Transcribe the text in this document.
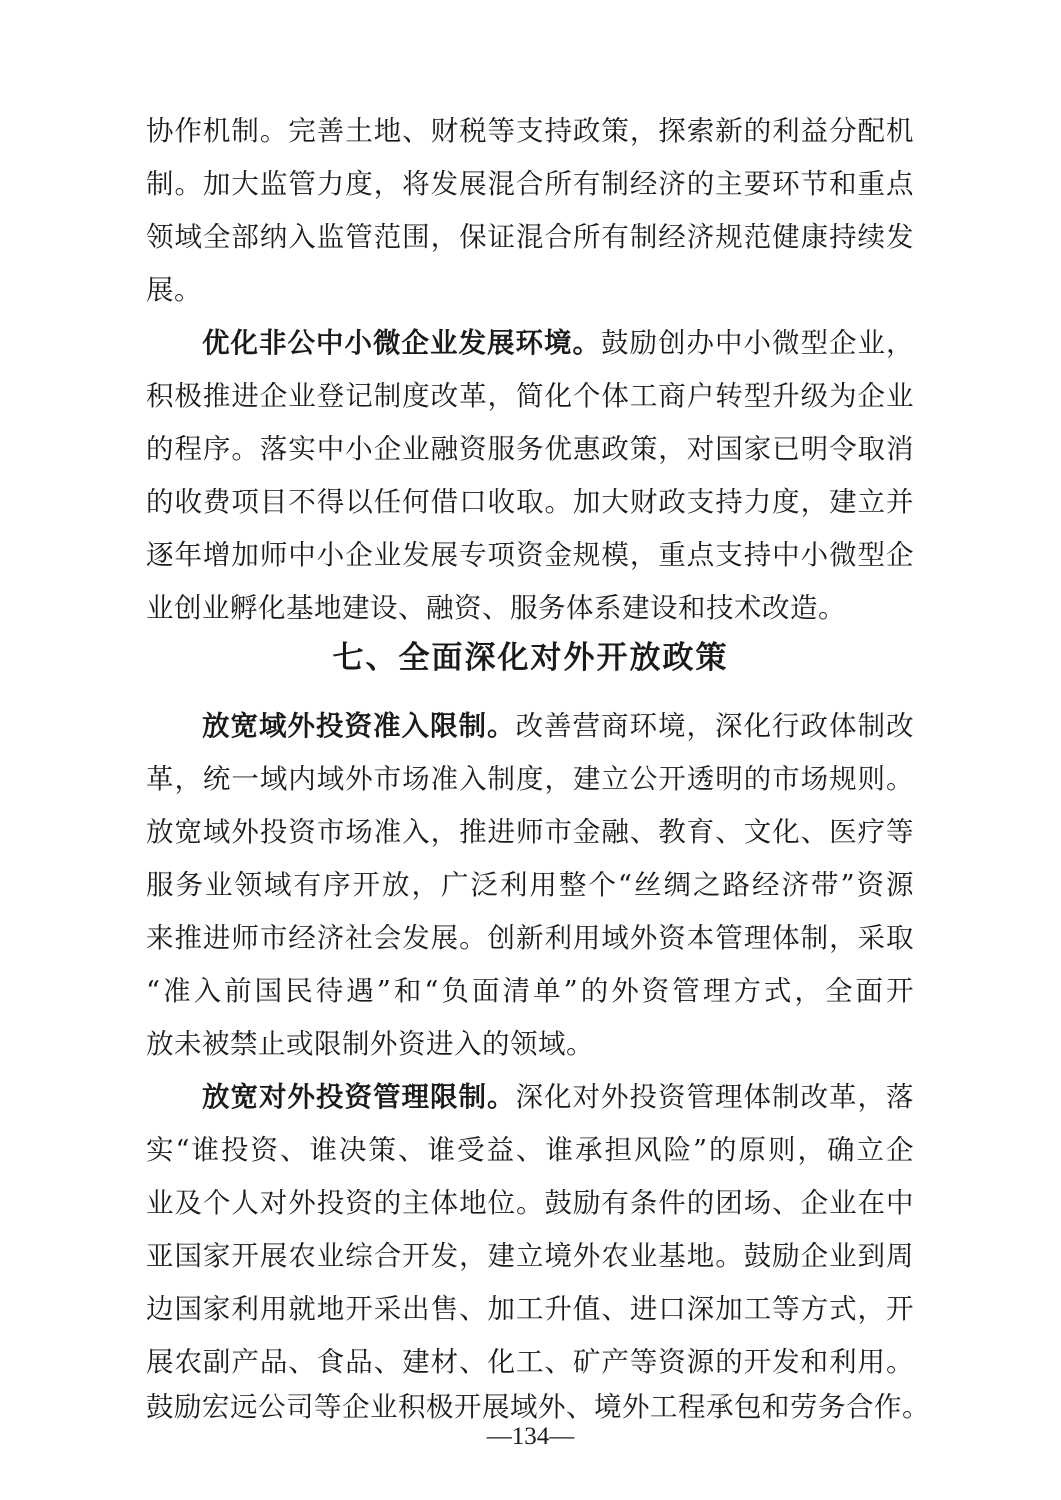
协作机制。完善土地、财税等支持政策，探索新的利益分配机
制。加大监管力度，将发展混合所有制经济的主要环节和重点
领域全部纳入监管范围，保证混合所有制经济规范健康持续发
展。
优化非公中小微企业发展环境。鼓励创办中小微型企业，
积极推进企业登记制度改革，简化个体工商户转型升级为企业
的程序。落实中小企业融资服务优惠政策，对国家已明令取消
的收费项目不得以任何借口收取。加大财政支持力度，建立并
逐年增加师中小企业发展专项资金规模，重点支持中小微型企
业创业孵化基地建设、融资、服务体系建设和技术改造。
七、全面深化对外开放政策
放宽域外投资准入限制。改善营商环境，深化行政体制改
革，统一域内域外市场准入制度，建立公开透明的市场规则。
放宽域外投资市场准入，推进师市金融、教育、文化、医疗等
服务业领域有序开放，广泛利用整个“丝绸之路经济带”资源
来推进师市经济社会发展。创新利用域外资本管理体制，采取
“准入前国民待遇”和“负面清单”的外资管理方式，全面开
放未被禁止或限制外资进入的领域。
放宽对外投资管理限制。深化对外投资管理体制改革，落
实“谁投资、谁决策、谁受益、谁承担风险”的原则，确立企
业及个人对外投资的主体地位。鼓励有条件的团场、企业在中
亚国家开展农业综合开发，建立境外农业基地。鼓励企业到周
边国家利用就地开采出售、加工升值、进口深加工等方式，开
展农副产品、食品、建材、化工、矿产等资源的开发和利用。
鼓励宏远公司等企业积极开展域外、境外工程承包和劳务合作。
—134—
